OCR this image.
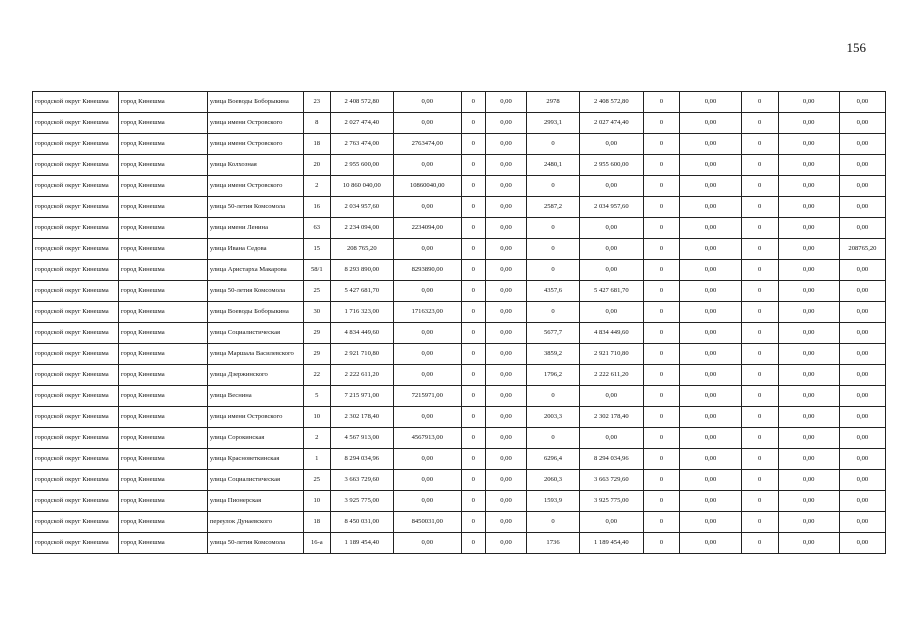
156
городской округ Кинешма	город Кинешма	улица Воеводы Боборыкина	23	2 408 572,80	0,00	0	0,00	2978	2 408 572,80	0	0,00	0	0,00	0,00
городской округ Кинешма	город Кинешма	улица имени Островского	8	2 027 474,40	0,00	0	0,00	2993,1	2 027 474,40	0	0,00	0	0,00	0,00
городской округ Кинешма	город Кинешма	улица имени Островского	18	2 763 474,00	2763474,00	0	0,00	0	0,00	0	0,00	0	0,00	0,00
городской округ Кинешма	город Кинешма	улица Колхозная	20	2 955 600,00	0,00	0	0,00	2480,1	2 955 600,00	0	0,00	0	0,00	0,00
городской округ Кинешма	город Кинешма	улица имени Островского	2	10 860 040,00	10860040,00	0	0,00	0	0,00	0	0,00	0	0,00	0,00
городской округ Кинешма	город Кинешма	улица 50-летия Комсомола	16	2 034 957,60	0,00	0	0,00	2587,2	2 034 957,60	0	0,00	0	0,00	0,00
городской округ Кинешма	город Кинешма	улица имени Ленина	63	2 234 094,00	2234094,00	0	0,00	0	0,00	0	0,00	0	0,00	0,00
городской округ Кинешма	город Кинешма	улица Ивана Седова	15	208 765,20	0,00	0	0,00	0	0,00	0	0,00	0	0,00	208765,20
городской округ Кинешма	город Кинешма	улица Аристарха Макарова	58/1	8 293 890,00	8293890,00	0	0,00	0	0,00	0	0,00	0	0,00	0,00
городской округ Кинешма	город Кинешма	улица 50-летия Комсомола	25	5 427 681,70	0,00	0	0,00	4357,6	5 427 681,70	0	0,00	0	0,00	0,00
городской округ Кинешма	город Кинешма	улица Воеводы Боборыкина	30	1 716 323,00	1716323,00	0	0,00	0	0,00	0	0,00	0	0,00	0,00
городской округ Кинешма	город Кинешма	улица Социалистическая	29	4 834 449,60	0,00	0	0,00	5677,7	4 834 449,60	0	0,00	0	0,00	0,00
городской округ Кинешма	город Кинешма	улица Маршала Василевского	29	2 921 710,80	0,00	0	0,00	3859,2	2 921 710,80	0	0,00	0	0,00	0,00
городской округ Кинешма	город Кинешма	улица Дзержинского	22	2 222 611,20	0,00	0	0,00	1796,2	2 222 611,20	0	0,00	0	0,00	0,00
городской округ Кинешма	город Кинешма	улица Веснина	5	7 215 971,00	7215971,00	0	0,00	0	0,00	0	0,00	0	0,00	0,00
городской округ Кинешма	город Кинешма	улица имени Островского	10	2 302 178,40	0,00	0	0,00	2003,3	2 302 178,40	0	0,00	0	0,00	0,00
городской округ Кинешма	город Кинешма	улица Сорокинская	2	4 567 913,00	4567913,00	0	0,00	0	0,00	0	0,00	0	0,00	0,00
городской округ Кинешма	город Кинешма	улица Красноветкинская	1	8 294 034,96	0,00	0	0,00	6296,4	8 294 034,96	0	0,00	0	0,00	0,00
городской округ Кинешма	город Кинешма	улица Социалистическая	25	3 663 729,60	0,00	0	0,00	2060,3	3 663 729,60	0	0,00	0	0,00	0,00
городской округ Кинешма	город Кинешма	улица Пионерская	10	3 925 775,00	0,00	0	0,00	1593,9	3 925 775,00	0	0,00	0	0,00	0,00
городской округ Кинешма	город Кинешма	переулок Дунаевского	18	8 450 031,00	8450031,00	0	0,00	0	0,00	0	0,00	0	0,00	0,00
городской округ Кинешма	город Кинешма	улица 50-летия Комсомола	16-а	1 189 454,40	0,00	0	0,00	1736	1 189 454,40	0	0,00	0	0,00	0,00
